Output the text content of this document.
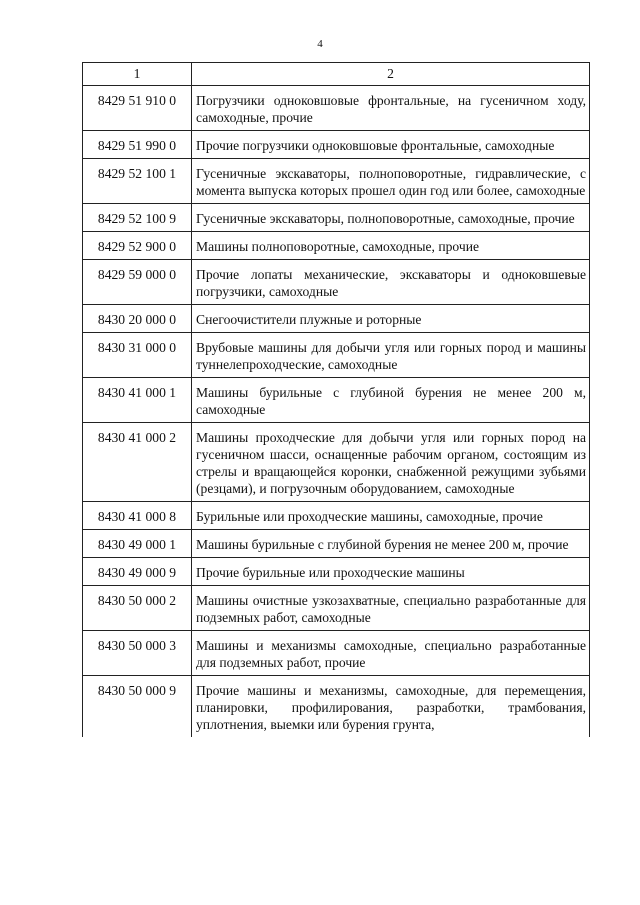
4
1	2
8429 51 910 0	Погрузчики одноковшовые фронтальные, на гусеничном ходу, самоходные, прочие
8429 51 990 0	Прочие погрузчики одноковшовые фронтальные, самоходные
8429 52 100 1	Гусеничные экскаваторы, полноповоротные, гидравлические, с момента выпуска которых прошел один год или более, самоходные
8429 52 100 9	Гусеничные экскаваторы, полноповоротные, самоходные, прочие
8429 52 900 0	Машины полноповоротные, самоходные, прочие
8429 59 000 0	Прочие лопаты механические, экскаваторы и одноковшевые погрузчики, самоходные
8430 20 000 0	Снегоочистители плужные и роторные
8430 31 000 0	Врубовые машины для добычи угля или горных пород и машины туннелепроходческие, самоходные
8430 41 000 1	Машины бурильные с глубиной бурения не менее 200 м, самоходные
8430 41 000 2	Машины проходческие для добычи угля или горных пород на гусеничном шасси, оснащенные рабочим органом, состоящим из стрелы и вращающейся коронки, снабженной режущими зубьями (резцами), и погрузочным оборудованием, самоходные
8430 41 000 8	Бурильные или проходческие машины, самоходные, прочие
8430 49 000 1	Машины бурильные с глубиной бурения не менее 200 м, прочие
8430 49 000 9	Прочие бурильные или проходческие машины
8430 50 000 2	Машины очистные узкозахватные, специально разработанные для подземных работ, самоходные
8430 50 000 3	Машины и механизмы самоходные, специально разработанные для подземных работ, прочие
8430 50 000 9	Прочие машины и механизмы, самоходные, для перемещения, планировки, профилирования, разработки, трамбования, уплотнения, выемки или бурения грунта,
